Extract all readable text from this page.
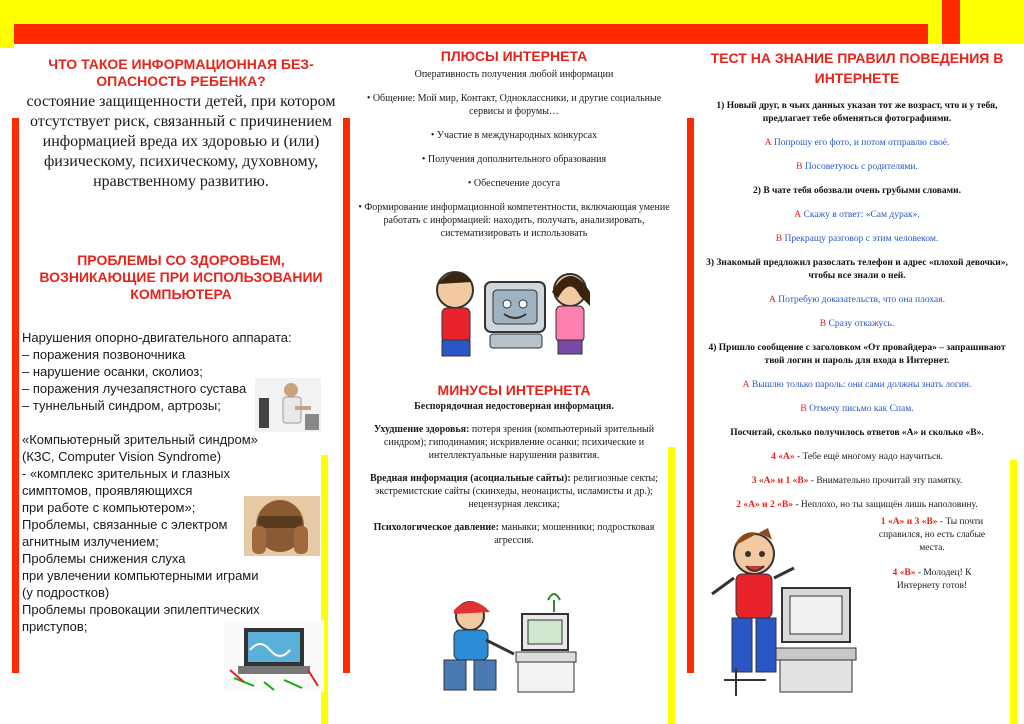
ЧТО ТАКОЕ ИНФОРМАЦИОННАЯ БЕЗ-ОПАСНОСТЬ РЕБЕНКА?

состояние защищенности детей, при котором отсутствует риск, связанный с причинением информацией вреда их здоровью и (или) физическому, психическому, духовному, нравственному развитию.

ПРОБЛЕМЫ СО ЗДОРОВЬЕМ, ВОЗНИКАЮЩИЕ ПРИ ИСПОЛЬЗОВАНИИ КОМПЬЮТЕРА

Нарушения опорно-двигательного аппарата:

– поражения позвоночника

– нарушение осанки, сколиоз;

– поражения лучезапястного сустава

– туннельный синдром, артрозы;

«Компьютерный зрительный синдром»

(КЗС, Computer Vision Syndrome)

- «комплекс зрительных и глазных

симптомов, проявляющихся

при работе с компьютером»;

Проблемы, связанные с электром

агнитным излучением;

Проблемы снижения слуха

при увлечении компьютерными играми

(у подростков)

Проблемы провокации эпилептических

приступов;

ПЛЮСЫ ИНТЕРНЕТА

Оперативность получения любой информации

• Общение: Мой мир, Контакт, Одноклассники, и другие социальные сервисы и форумы…

• Участие в международных конкурсах

• Получения дополнительного образования

• Обеспечение досуга

• Формирование информационной компетентности, включающая умение работать с информацией: находить, получать, анализировать, систематизировать и использовать

МИНУСЫ ИНТЕРНЕТА

Беспорядочная недостоверная информация.

Ухудшение здоровья: потеря зрения (компьютерный зрительный синдром); гиподинамия; искривление осанки; психические и интеллектуальные нарушения развития.

Вредная информация (асоциальные сайты): религиозные секты; экстремистские сайты (скинхеды, неонацисты, исламисты и др.); нецензурная лексика;

Психологическое давление: маньяки; мошенники; подростковая агрессия.

ТЕСТ НА ЗНАНИЕ ПРАВИЛ ПОВЕДЕНИЯ В ИНТЕРНЕТЕ

1) Новый друг, в чьих данных указан тот же возраст, что и у тебя, предлагает тебе обменяться фотографиями.

А Попрошу его фото, и потом отправлю своё.

В Посоветуюсь с родителями.

2) В чате тебя обозвали очень грубыми словами.

А Скажу в ответ: «Сам дурак».

В Прекращу разговор с этим человеком.

3) Знакомый предложил разослать телефон и адрес «плохой девочки», чтобы все знали о ней.

А Потребую доказательств, что она плохая.

В Сразу откажусь.

4) Пришло сообщение с заголовком «От провайдера» – запрашивают твой логин и пароль для входа в Интернет.

А Вышлю только пароль: они сами должны знать логин.

В Отмечу письмо как Спам.

Посчитай, сколько получилось ответов «А» и сколько «В».

4 «А» - Тебе ещё многому надо научиться.

3 «А» и 1 «В» - Внимательно прочитай эту памятку.

2 «А» и 2 «В» - Неплохо, но ты защищён лишь наполовину.

1 «А» и 3 «В» - Ты почти справился, но есть слабые места.

4 «В» - Молодец! К Интернету готов!
